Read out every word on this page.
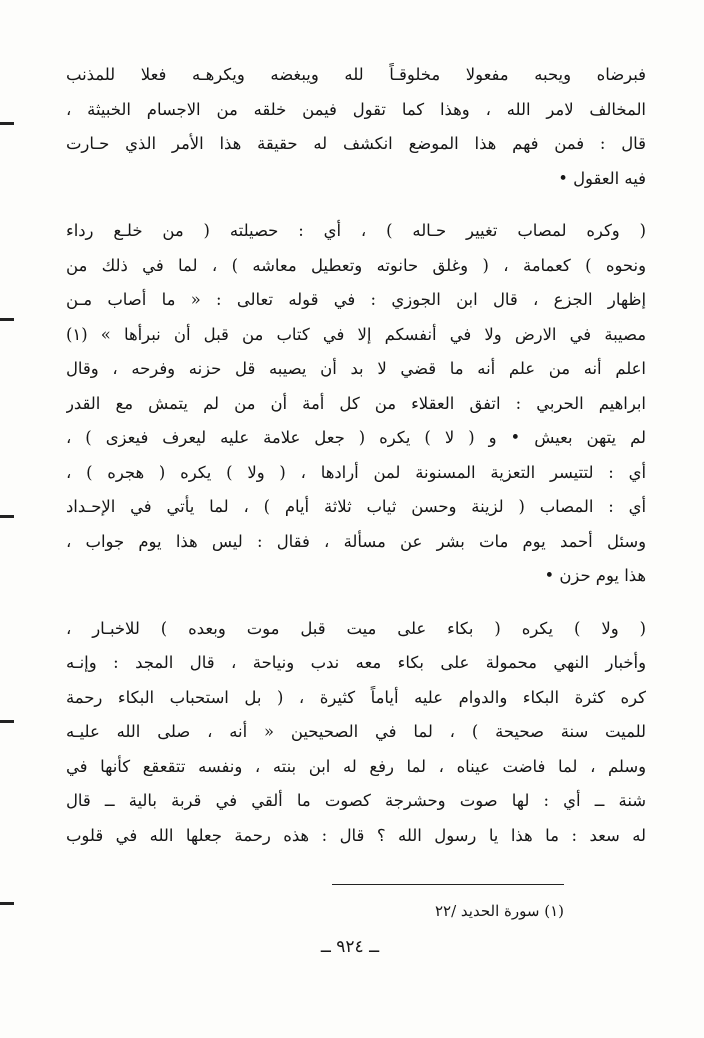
فبرضاه ويحبه مفعولا مخلوقـاً لله ويبغضه ويكرهـه فعلا للمذنب
المخالف لامر الله ، وهذا كما تقول فيمن خلقه من الاجسام الخبيثة ،
قال : فمن فهم هذا الموضع انكشف له حقيقة هذا الأمر الذي حـارت
فيه العقول •
( وكره لمصاب تغيير حـاله ) ، أي : حصيلته ( من خلـع رداء
ونحوه ) كعمامة ، ( وغلق حانوته وتعطيل معاشه ) ، لما في ذلك من
إظهار الجزع ، قال ابن الجوزي : في قوله تعالى : « ما أصاب مـن
مصيبة في الارض ولا في أنفسكم إلا في كتاب من قبل أن نبرأها » (١)
اعلم أنه من علم أنه ما قضي لا بد أن يصيبه قل حزنه وفرحه ، وقال
ابراهيم الحربي : اتفق العقلاء من كل أمة أن من لم يتمش مع القدر
لم يتهن بعيش • و ( لا ) يكره ( جعل علامة عليه ليعرف فيعزى ) ،
أي : لتتيسر التعزية المسنونة لمن أرادها ، ( ولا ) يكره ( هجره ) ،
أي : المصاب ( لزينة وحسن ثياب ثلاثة أيام ) ، لما يأتي في الإحـداد
وسئل أحمد يوم مات بشر عن مسألة ، فقال : ليس هذا يوم جواب ،
هذا يوم حزن •
( ولا ) يكره ( بكاء على ميت قبل موت وبعده ) للاخبـار ،
وأخبار النهي محمولة على بكاء معه ندب ونياحة ، قال المجد : وإنـه
كره كثرة البكاء والدوام عليه أياماً كثيرة ، ( بل استحباب البكاء رحمة
للميت سنة صحيحة ) ، لما في الصحيحين « أنه ، صلى الله عليـه
وسلم ، لما فاضت عيناه ، لما رفع له ابن بنته ، ونفسه تتقعقع كأنها في
شنة ــ أي : لها صوت وحشرجة كصوت ما ألقي في قربة بالية ــ قال
له سعد : ما هذا يا رسول الله ؟ قال : هذه رحمة جعلها الله في قلوب
(١) سورة الحديد /٢٢
ــ ٩٢٤ ــ
